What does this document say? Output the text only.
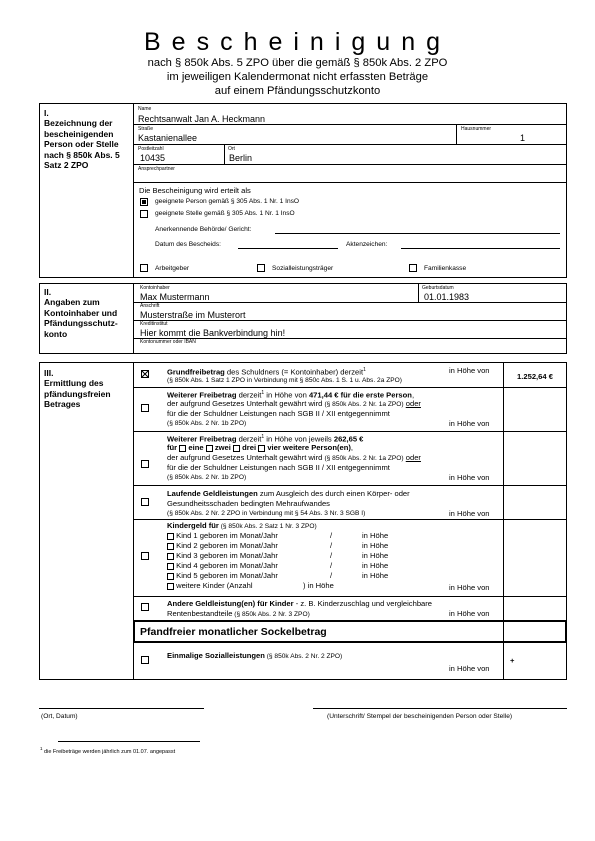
Bescheinigung
nach § 850k Abs. 5 ZPO über die gemäß § 850k Abs. 2 ZPO
im jeweiligen Kalendermonat nicht erfassten Beträge
auf einem Pfändungsschutzkonto
I.
Bezeichnung der bescheinigenden Person oder Stelle nach § 850k Abs. 5 Satz 2 ZPO
Name
Rechtsanwalt Jan A. Heckmann
Straße
Kastanienallee
Hausnummer
1
Postleitzahl
10435
Ort
Berlin
Ansprechpartner
Die Bescheinigung wird erteilt als
geeignete Person gemäß § 305 Abs. 1 Nr. 1 InsO
geeignete Stelle gemäß § 305 Abs. 1 Nr. 1 InsO
Anerkennende Behörde/ Gericht:
Datum des Bescheids:	Aktenzeichen:
Arbeitgeber	Sozialleistungsträger	Familienkasse
II.
Angaben zum Kontoinhaber und Pfändungsschutz-konto
Kontoinhaber
Max Mustermann
Geburtsdatum
01.01.1983
Anschrift
Musterstraße im Musterort
Kreditinstitut
Hier kommt die Bankverbindung hin!
Kontonummer oder IBAN
III.
Ermittlung des pfändungsfreien Betrages
Grundfreibetrag des Schuldners (= Kontoinhaber) derzeit$^1$	in Höhe von
(§ 850k Abs. 1 Satz 1 ZPO in Verbindung mit § 850c Abs. 1 S. 1 u. Abs. 2a ZPO)	1.252,64 €
Weiterer Freibetrag derzeit$^1$ in Höhe von 471,44 € für die erste Person,
der aufgrund Gesetzes Unterhalt gewährt wird (§ 850k Abs. 2 Nr. 1a ZPO) oder
für die der Schuldner Leistungen nach SGB II / XII entgegennimmt
(§ 850k Abs. 2 Nr. 1b ZPO)	in Höhe von
Weiterer Freibetrag derzeit$^1$ in Höhe von jeweils 262,65 €
für eine zwei drei vier weitere Person(en),
der aufgrund Gesetzes Unterhalt gewährt wird (§ 850k Abs. 2 Nr. 1a ZPO) oder
für die der Schuldner Leistungen nach SGB II / XII entgegennimmt
(§ 850k Abs. 2 Nr. 1b ZPO)	in Höhe von
Laufende Geldleistungen zum Ausgleich des durch einen Körper- oder
Gesundheitsschaden bedingten Mehraufwandes
(§ 850k Abs. 2 Nr. 2 ZPO in Verbindung mit § 54 Abs. 3 Nr. 3 SGB I)	in Höhe von
Kindergeld für (§ 850k Abs. 2 Satz 1 Nr. 3 ZPO)
Kind 1 geboren im Monat/Jahr	/	in Höhe
Kind 2 geboren im Monat/Jahr	/	in Höhe
Kind 3 geboren im Monat/Jahr	/	in Höhe
Kind 4 geboren im Monat/Jahr	/	in Höhe
Kind 5 geboren im Monat/Jahr	/	in Höhe
weitere Kinder (Anzahl	) in Höhe	in Höhe von
Andere Geldleistung(en) für Kinder - z. B. Kinderzuschlag und vergleichbare
Rentenbestandteile (§ 850k Abs. 2 Nr. 3 ZPO)	in Höhe von
Pfandfreier monatlicher Sockelbetrag
Einmalige Sozialleistungen (§ 850k Abs. 2 Nr. 2 ZPO)
in Höhe von
+
(Ort, Datum)	(Unterschrift/ Stempel der bescheinigenden Person oder Stelle)
$^1$ die Freibeträge werden jährlich zum 01.07. angepasst
